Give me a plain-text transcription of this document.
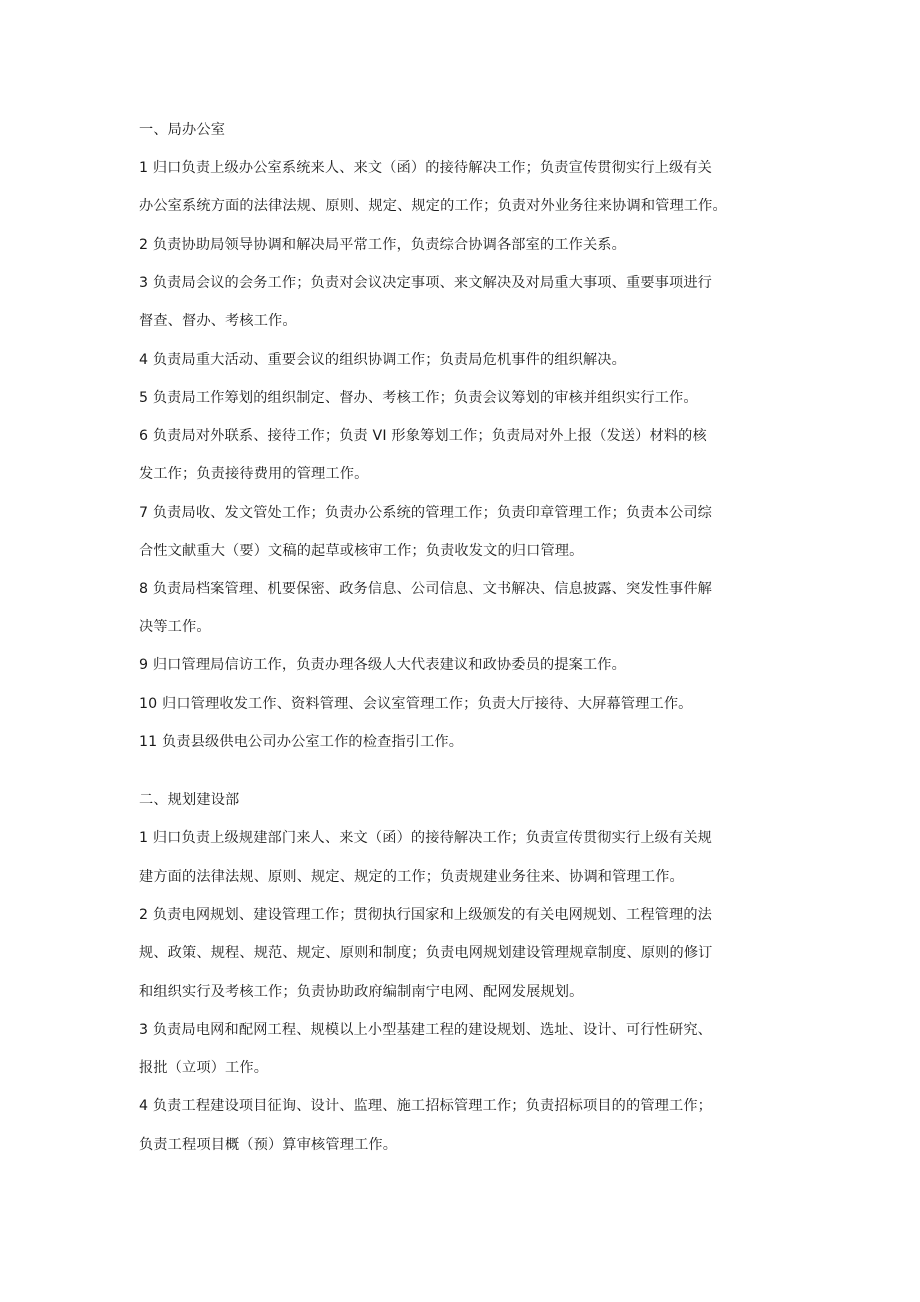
一、局办公室
1 归口负责上级办公室系统来人、来文（函）的接待解决工作；负责宣传贯彻实行上级有关
办公室系统方面的法律法规、原则、规定、规定的工作；负责对外业务往来协调和管理工作。
2 负责协助局领导协调和解决局平常工作，负责综合协调各部室的工作关系。
3 负责局会议的会务工作；负责对会议决定事项、来文解决及对局重大事项、重要事项进行
督查、督办、考核工作。
4 负责局重大活动、重要会议的组织协调工作；负责局危机事件的组织解决。
5 负责局工作筹划的组织制定、督办、考核工作；负责会议筹划的审核并组织实行工作。
6 负责局对外联系、接待工作；负责 VI 形象筹划工作；负责局对外上报（发送）材料的核
发工作；负责接待费用的管理工作。
7 负责局收、发文管处工作；负责办公系统的管理工作；负责印章管理工作；负责本公司综
合性文献重大（要）文稿的起草或核审工作；负责收发文的归口管理。
8 负责局档案管理、机要保密、政务信息、公司信息、文书解决、信息披露、突发性事件解
决等工作。
9 归口管理局信访工作，负责办理各级人大代表建议和政协委员的提案工作。
10 归口管理收发工作、资料管理、会议室管理工作；负责大厅接待、大屏幕管理工作。
11 负责县级供电公司办公室工作的检查指引工作。
二、规划建设部
1 归口负责上级规建部门来人、来文（函）的接待解决工作；负责宣传贯彻实行上级有关规
建方面的法律法规、原则、规定、规定的工作；负责规建业务往来、协调和管理工作。
2 负责电网规划、建设管理工作；贯彻执行国家和上级颁发的有关电网规划、工程管理的法
规、政策、规程、规范、规定、原则和制度；负责电网规划建设管理规章制度、原则的修订
和组织实行及考核工作；负责协助政府编制南宁电网、配网发展规划。
3 负责局电网和配网工程、规模以上小型基建工程的建设规划、选址、设计、可行性研究、
报批（立项）工作。
4 负责工程建设项目征询、设计、监理、施工招标管理工作；负责招标项目的的管理工作；
负责工程项目概（预）算审核管理工作。
